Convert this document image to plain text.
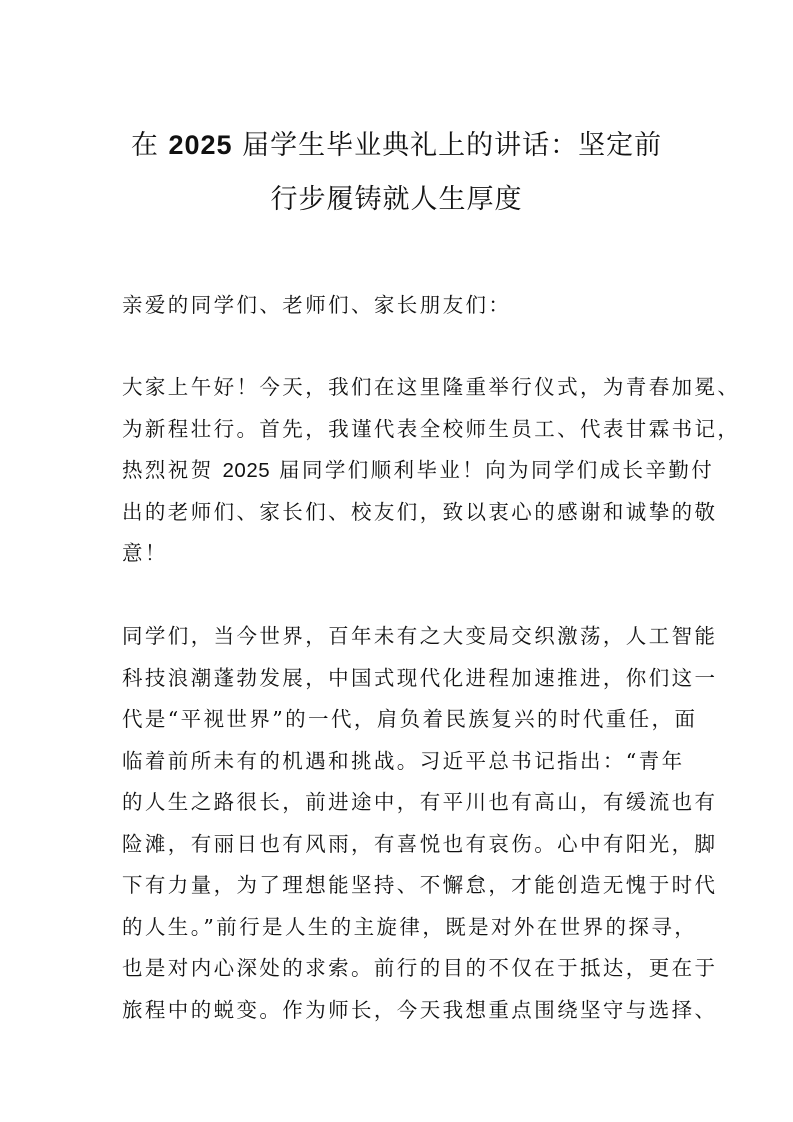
在 2025 届学生毕业典礼上的讲话：坚定前
行步履铸就人生厚度

亲爱的同学们、老师们、家长朋友们：

大家上午好！今天，我们在这里隆重举行仪式，为青春加冕、
为新程壮行。首先，我谨代表全校师生员工、代表甘霖书记，
热烈祝贺 2025 届同学们顺利毕业！向为同学们成长辛勤付
出的老师们、家长们、校友们，致以衷心的感谢和诚挚的敬
意！

同学们，当今世界，百年未有之大变局交织激荡，人工智能
科技浪潮蓬勃发展，中国式现代化进程加速推进，你们这一
代是“平视世界”的一代，肩负着民族复兴的时代重任，面
临着前所未有的机遇和挑战。习近平总书记指出：“青年
的人生之路很长，前进途中，有平川也有高山，有缓流也有
险滩，有丽日也有风雨，有喜悦也有哀伤。心中有阳光，脚
下有力量，为了理想能坚持、不懈怠，才能创造无愧于时代
的人生。”前行是人生的主旋律，既是对外在世界的探寻，
也是对内心深处的求索。前行的目的不仅在于抵达，更在于
旅程中的蜕变。作为师长，今天我想重点围绕坚守与选择、
